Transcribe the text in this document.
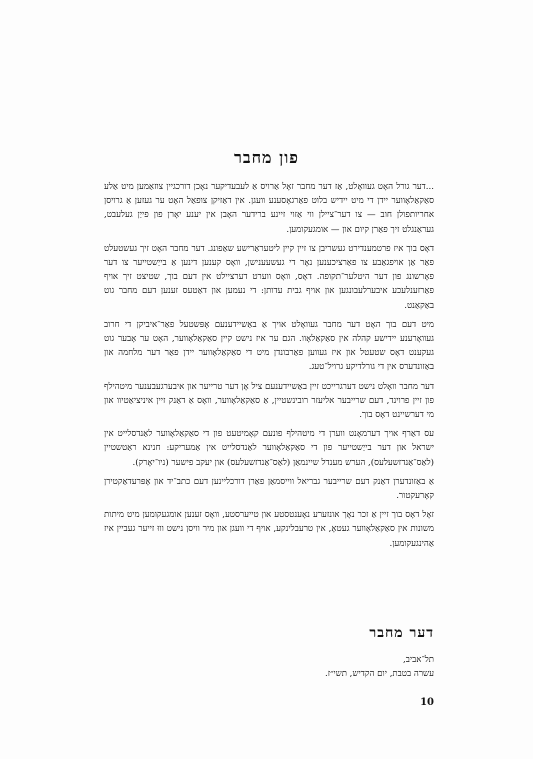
פון מחבר

...דער גורל האָט געוואָלט, אַז דער מחבר זאָל אַרויס אַ לעבעדיקער נאָכן דורכגיין צוזאַמען מיט אַלע סאַקאַלאָווער יידן די מיט יידיש בלוט פאַרגאָסענע וועגן. אין דאַזיקן צופאַל האָט ער געזען אַ גרויסן אחריותפולן חוב — צו דער־ציילן ווי אַזוי זיינע ברידער האָבן אין יענע יאָרן פון פייַן געלעבט, געראַנגלט זיך פאַרן קיום און — אומגעקומען.

דאָס בוך איז פרטמענדירט געשריבן צו זיין קיין ליטעראַרישע שאַפונג. דער מחבר האָט זיך געשטעלט פאַר אַן אויפגאַבע צו פאַרציכענען נאָר די געשעענישן, וואָס קענען דינען אַ בייַשטייער צו דער פאָרשונג פון דער היטלער־תקופה. דאָס, וואָס ווערט דערציילט אין דעם בוך, שטיצט זיך אויף פאַרזענלעכע איבערלעבונגען און אויף גבית עדותן: די נעמען און דאַטעס זענען דעם מחבר גוט באַקאַנט.

מיט דעם בוך האָט דער מחבר געוואָלט אויך אַ באַשיידענעם אָפּשטעל פאַר־איביקן די חרוב געוואָרענע יידישע קהלה אין סאַקאַלאָוו. הגם ער איז נישט קיין סאַקאַלאָווער, האָט ער אָבער גוט געקענט דאָס שטעטל און איז געווען פאַרבונדן מיט די סאַקאַלאָווער יידן פאַר דער מלחמה און באַזונדערס אין די גורלדיקע גרויל־טעג.

דער מחבר וואָלט נישט דערגרייכט זיין באַשיידענעם ציל אָן דער טרייער און איבערגעבענער מיטהילף פון זיין פרוינד, דעם שרייבער אליעזר רובינשטיין, אַ סאַקאַלאָווער, וואָס אַ דאַנק זיין איניציאַטיוו און מי דערשיינט דאָס בוך.

עס דאַרף אויך דערמאָנט ווערן די מיטהילף פונעם קאָמיטעט פון די סאַקאַלאָווער לאַנדסלייט אין ישראל און דער בייַשטייער פון די סאַקאַלאָווער לאַנדסלייט אין אַמעריקע: חנינא ראַטשטיין (לאַס־אַנדזשעלעס), הערש מענדל שיינמאַן (לאַס־אַנדזשעלעס) און יעקב פישער (ניו־יאָרק).

אַ באַזונדערן דאַנק דעם שרייבער גבריאל ווייסמאַן פאַרן דורכליינען דעם כתב־יד און אָפּרעדאַקטירן קאָרעקטור.

זאָל דאָס בוך זיין אַ זכר נאָך אונזערע נאָענטסטע און טייערסטע, וואָס זענען אומגעקומען מיט מיתות משונות אין סאַקאַלאָווער געטאָ, אין טרעבלינקע, אויף די וועגן און מיר וויסן נישט וווּ זייער געביין איז אַהינגעקומען.

דער מחבר
תל־אביב,
עשרה בטבת, יום הקדיש, תשי״ז.
10
